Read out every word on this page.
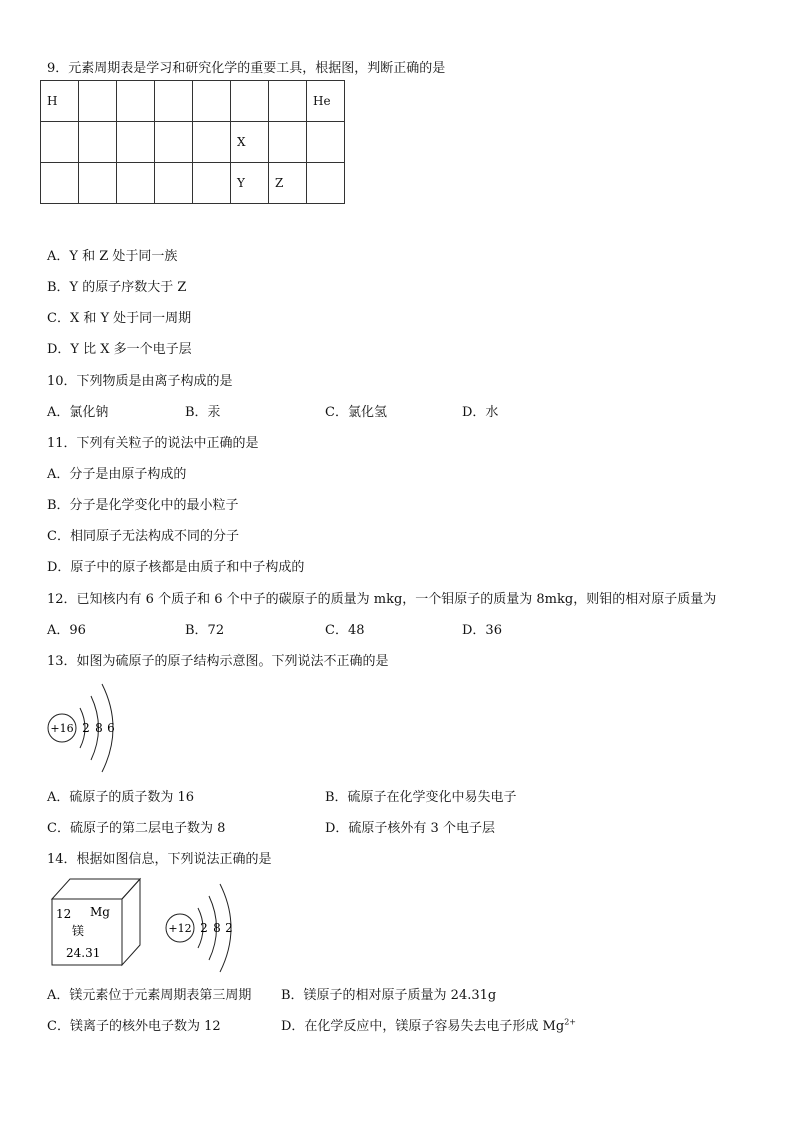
9．元素周期表是学习和研究化学的重要工具，根据图，判断正确的是
H							He
					X		
					Y	Z	
A．Y 和 Z 处于同一族
B．Y 的原子序数大于 Z
C．X 和 Y 处于同一周期
D．Y 比 X 多一个电子层
10．下列物质是由离子构成的是
A．氯化钠	B．汞	C．氯化氢	D．水
11．下列有关粒子的说法中正确的是
A．分子是由原子构成的
B．分子是化学变化中的最小粒子
C．相同原子无法构成不同的分子
D．原子中的原子核都是由质子和中子构成的
12．已知核内有 6 个质子和 6 个中子的碳原子的质量为 mkg，一个钼原子的质量为 8mkg，则钼的相对原子质量为
A．96	B．72	C．48	D．36
13．如图为硫原子的原子结构示意图。下列说法不正确的是
+16 2 8 6
A．硫原子的质子数为 16	B．硫原子在化学变化中易失电子
C．硫原子的第二层电子数为 8	D．硫原子核外有 3 个电子层
14．根据如图信息，下列说法正确的是
12 Mg
镁
24.31
+12 2 8 2
A．镁元素位于元素周期表第三周期 B．镁原子的相对原子质量为 24.31g
C．镁离子的核外电子数为 12	D．在化学反应中，镁原子容易失去电子形成 $Mg^{2+}$
